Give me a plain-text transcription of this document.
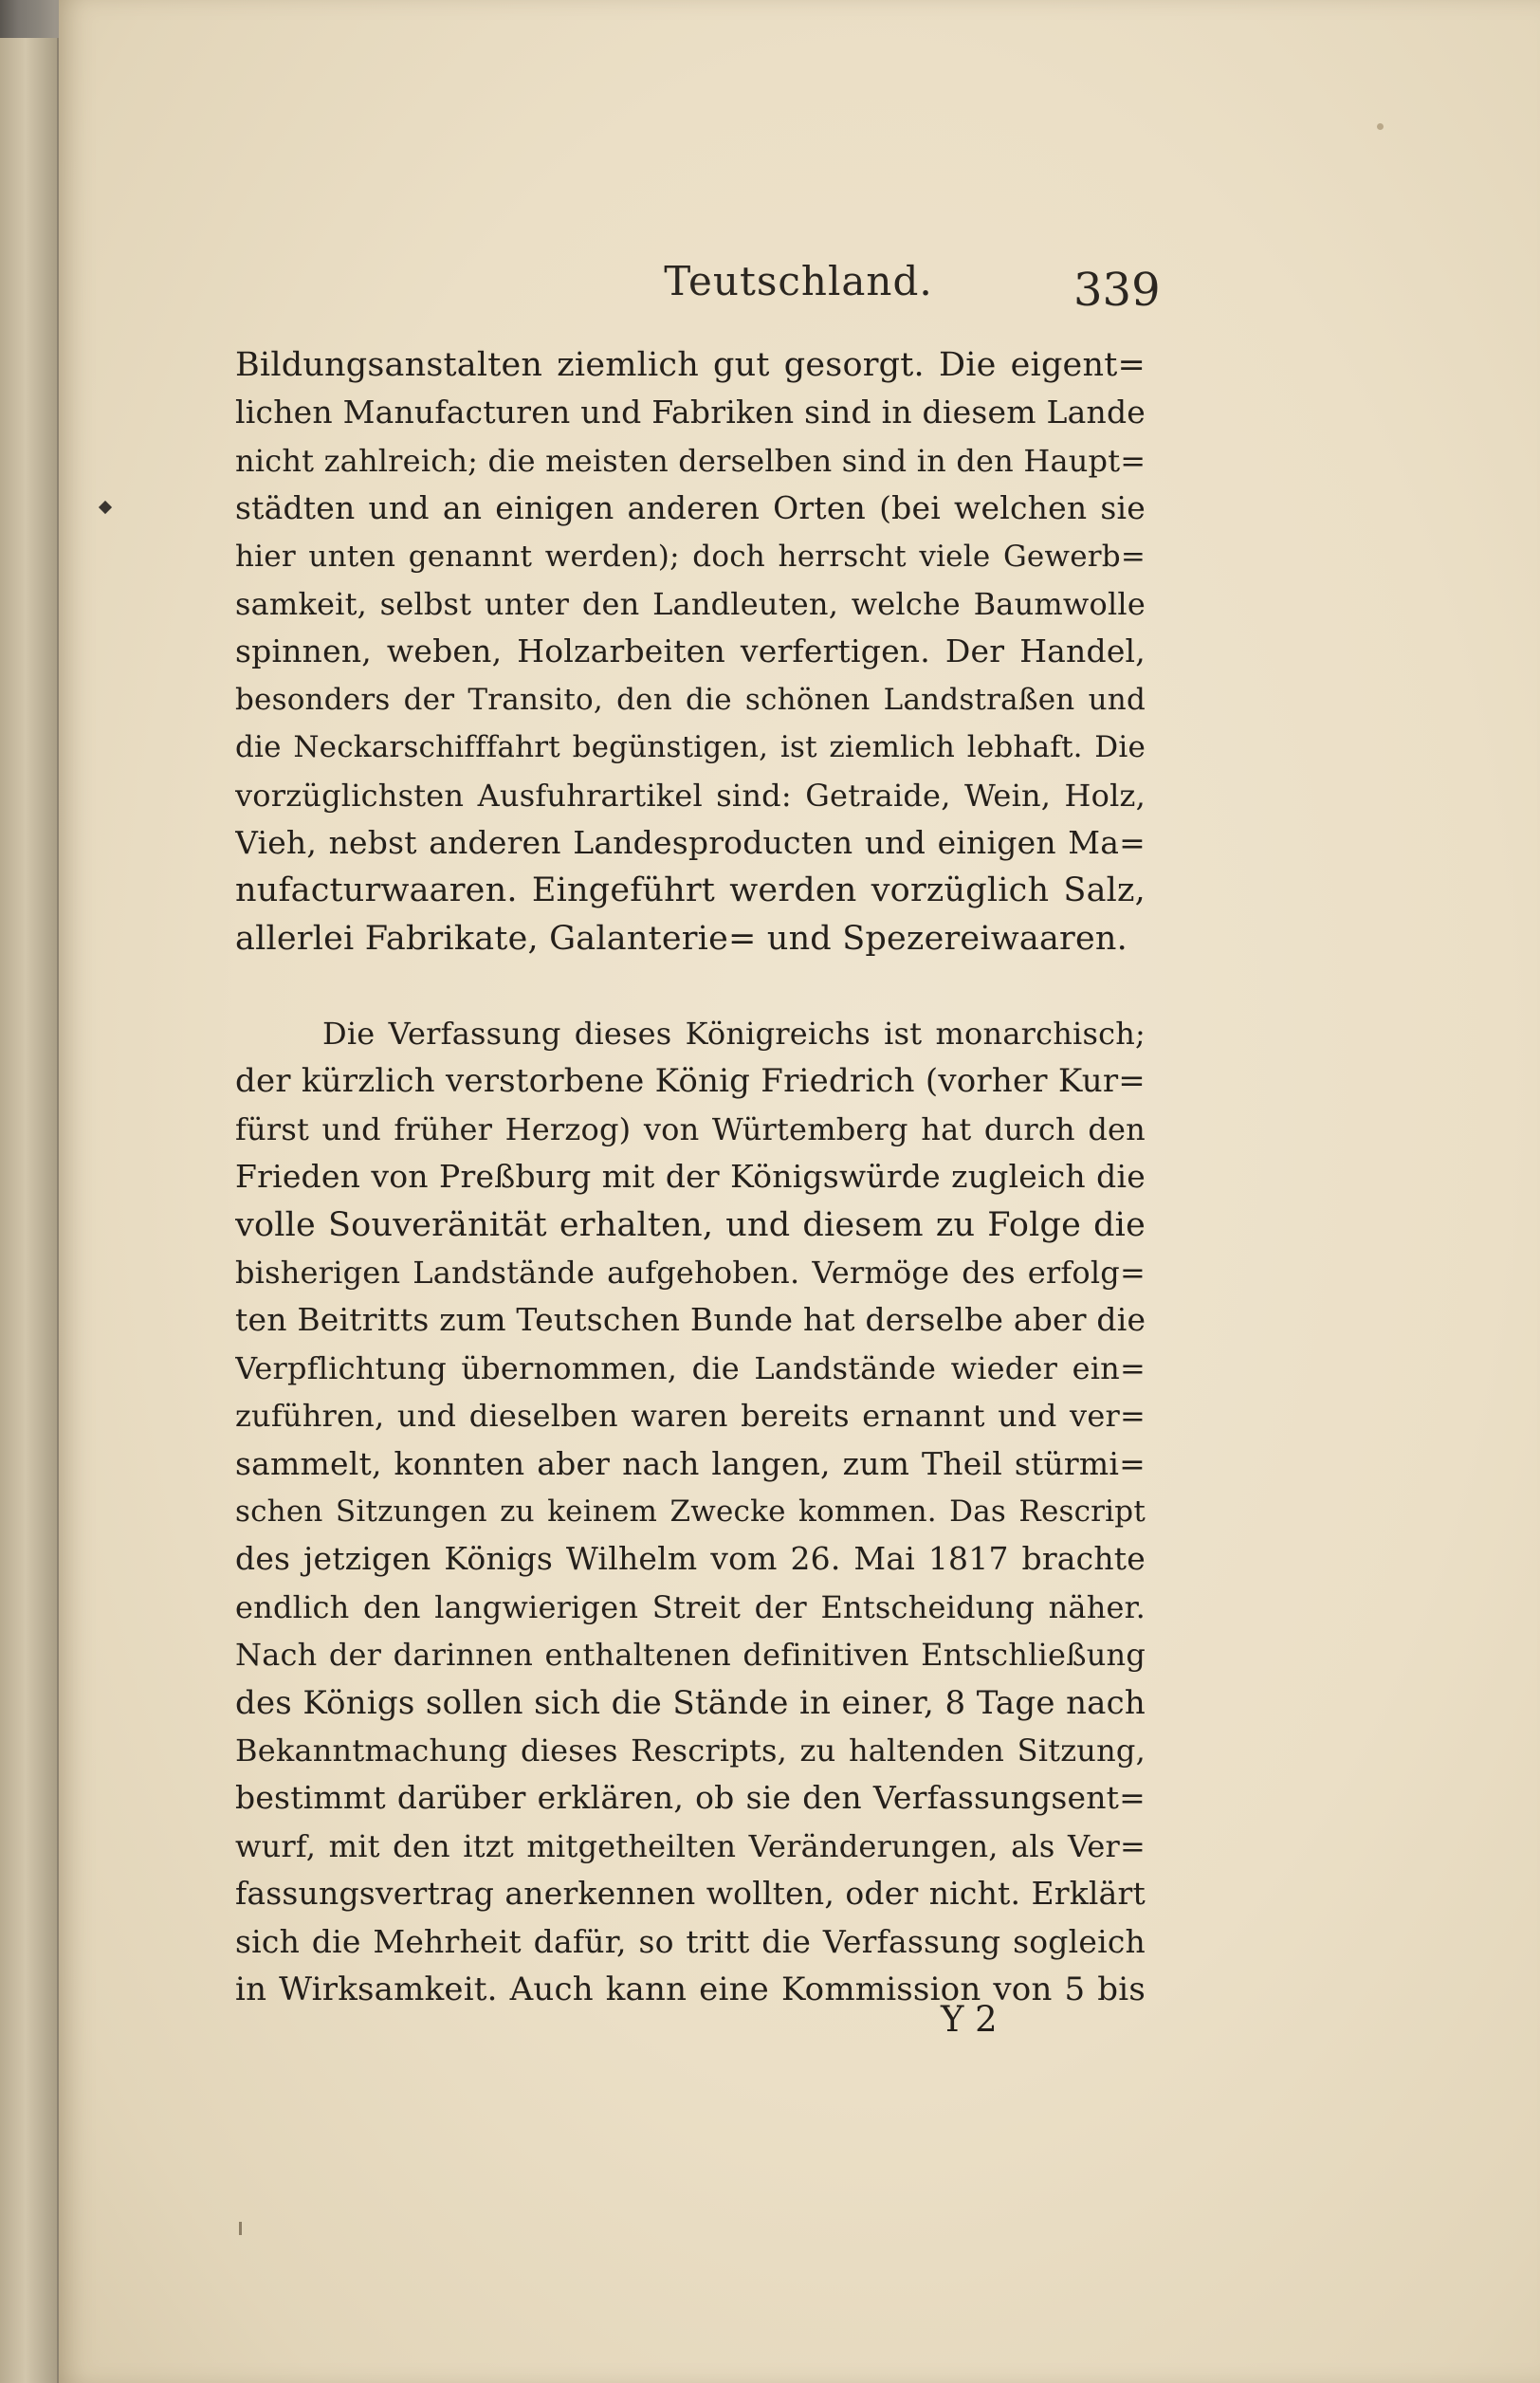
Teutschland.	339
Bildungsanstalten ziemlich gut gesorgt. Die eigent=
lichen Manufacturen und Fabriken sind in diesem Lande
nicht zahlreich; die meisten derselben sind in den Haupt=
städten und an einigen anderen Orten (bei welchen sie
hier unten genannt werden); doch herrscht viele Gewerb=
samkeit, selbst unter den Landleuten, welche Baumwolle
spinnen, weben, Holzarbeiten verfertigen. Der Handel,
besonders der Transito, den die schönen Landstraßen und
die Neckarschifffahrt begünstigen, ist ziemlich lebhaft. Die
vorzüglichsten Ausfuhrartikel sind: Getraide, Wein, Holz,
Vieh, nebst anderen Landesproducten und einigen Ma=
nufacturwaaren. Eingeführt werden vorzüglich Salz,
allerlei Fabrikate, Galanterie= und Spezereiwaaren.
Die Verfassung dieses Königreichs ist monarchisch;
der kürzlich verstorbene König Friedrich (vorher Kur=
fürst und früher Herzog) von Würtemberg hat durch den
Frieden von Preßburg mit der Königswürde zugleich die
volle Souveränität erhalten, und diesem zu Folge die
bisherigen Landstände aufgehoben. Vermöge des erfolg=
ten Beitritts zum Teutschen Bunde hat derselbe aber die
Verpflichtung übernommen, die Landstände wieder ein=
zuführen, und dieselben waren bereits ernannt und ver=
sammelt, konnten aber nach langen, zum Theil stürmi=
schen Sitzungen zu keinem Zwecke kommen. Das Rescript
des jetzigen Königs Wilhelm vom 26. Mai 1817 brachte
endlich den langwierigen Streit der Entscheidung näher.
Nach der darinnen enthaltenen definitiven Entschließung
des Königs sollen sich die Stände in einer, 8 Tage nach
Bekanntmachung dieses Rescripts, zu haltenden Sitzung,
bestimmt darüber erklären, ob sie den Verfassungsent=
wurf, mit den itzt mitgetheilten Veränderungen, als Ver=
fassungsvertrag anerkennen wollten, oder nicht. Erklärt
sich die Mehrheit dafür, so tritt die Verfassung sogleich
in Wirksamkeit. Auch kann eine Kommission von 5 bis
Y 2
